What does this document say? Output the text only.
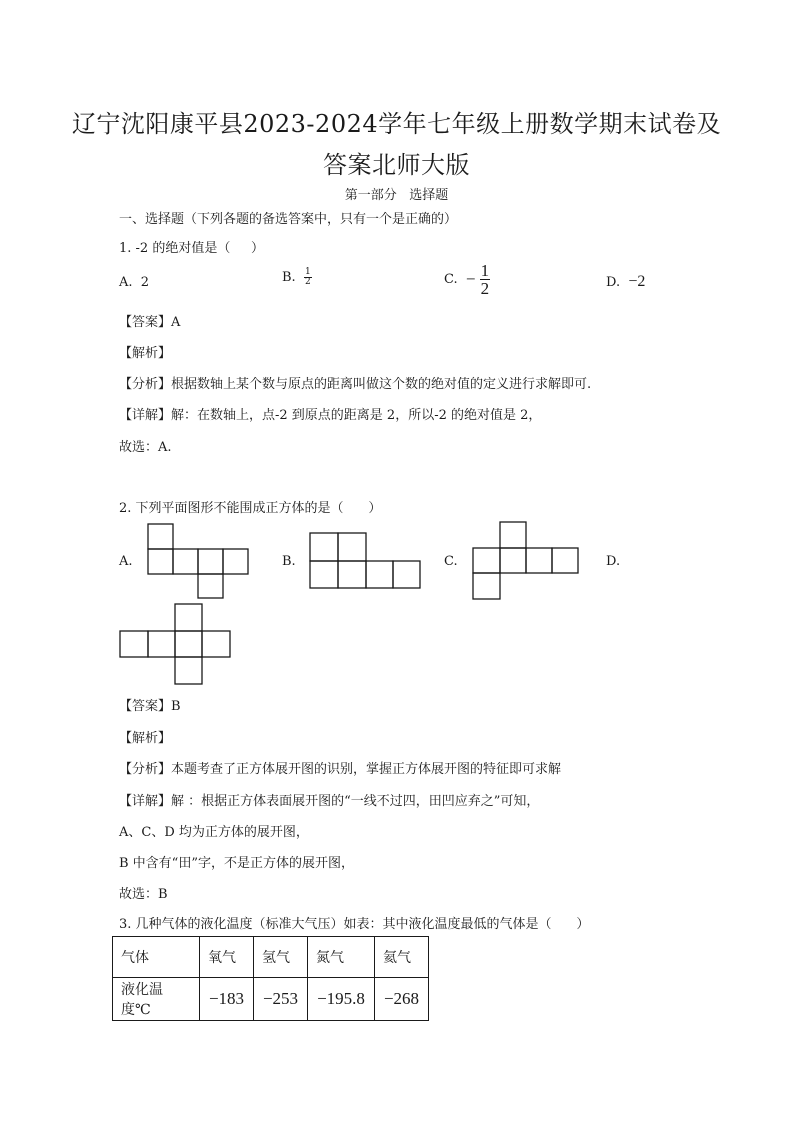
辽宁沈阳康平县2023-2024学年七年级上册数学期末试卷及
答案北师大版
第一部分   选择题
一、选择题（下列各题的备选答案中，只有一个是正确的）
1. -2 的绝对值是（     ）
A. 2	B. $\frac{1}{2}$	C. − $\frac{1}{2}$	D. −2
【答案】A
【解析】
【分析】根据数轴上某个数与原点的距离叫做这个数的绝对值的定义进行求解即可.
【详解】解：在数轴上，点-2 到原点的距离是 2，所以-2 的绝对值是 2，
故选：A.
2. 下列平面图形不能围成正方体的是（      ）
A.	B.	C.	D.
【答案】B
【解析】
【分析】本题考查了正方体展开图的识别，掌握正方体展开图的特征即可求解
【详解】解 ：根据正方体表面展开图的“一线不过四，田凹应弃之”可知，
A、C、D 均为正方体的展开图，
B 中含有“田”字，不是正方体的展开图，
故选：B
3. 几种气体的液化温度（标准大气压）如表：其中液化温度最低的气体是（      ）
气体	氧气	氢气	氮气	氦气
液化温度℃	−183	−253	−195.8	−268
